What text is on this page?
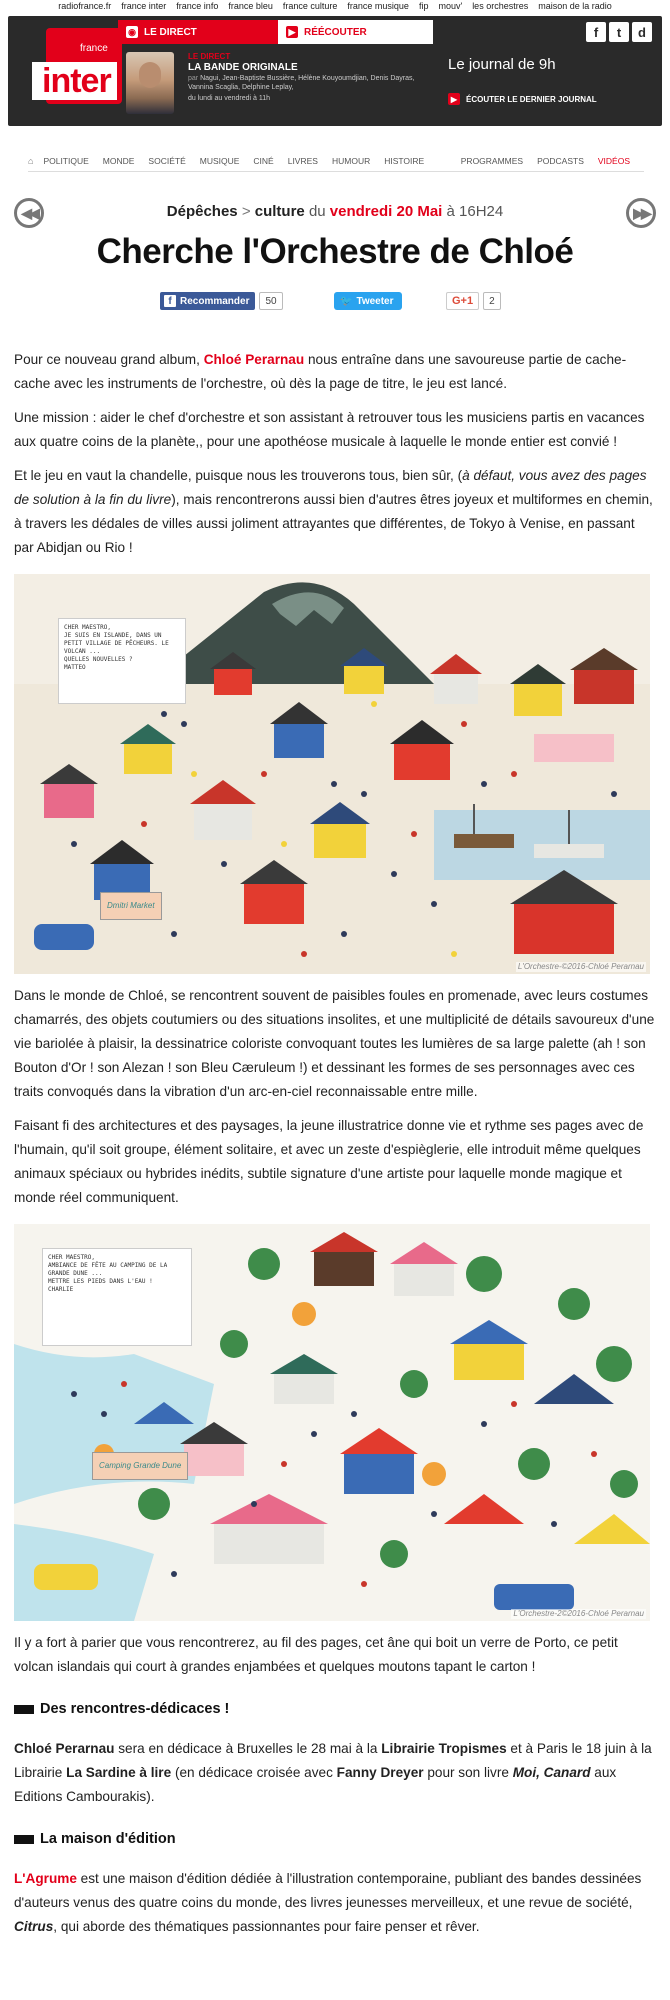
radiofrance.fr france inter france info france bleu france culture france musique fip mouv' les orchestres maison de la radio
france
inter
◉ LE DIRECT	▶ RÉÉCOUTER	f	t	d
LE DIRECT
LA BANDE ORIGINALE
par Nagui, Jean-Baptiste Bussière, Hélène Kouyoumdjian, Denis Dayras, Vannina Scaglia, Delphine Leplay,
du lundi au vendredi à 11h
Le journal de 9h
▶	ÉCOUTER LE DERNIER JOURNAL
⌂ POLITIQUE MONDE SOCIÉTÉ MUSIQUE CINÉ LIVRES HUMOUR HISTOIRE	PROGRAMMES PODCASTS VIDÉOS
◀◀	▶▶
Dépêches > culture du vendredi 20 Mai à 16H24
Cherche l'Orchestre de Chloé
f Recommander	50	🐦 Tweeter	G+1	2

Pour ce nouveau grand album, Chloé Perarnau nous entraîne dans une savoureuse partie de cache-cache avec les instruments de l'orchestre, où dès la page de titre, le jeu est lancé.

Une mission : aider le chef d'orchestre et son assistant à retrouver tous les musiciens partis en vacances aux quatre coins de la planète,, pour une apothéose musicale à laquelle le monde entier est convié !

Et le jeu en vaut la chandelle, puisque nous les trouverons tous, bien sûr, (à défaut, vous avez des pages de solution à la fin du livre), mais rencontrerons aussi bien d'autres êtres joyeux et multiformes en chemin, à travers les dédales de villes aussi joliment attrayantes que différentes, de Tokyo à Venise, en passant par Abidjan ou Rio !

CHER MAESTRO,
JE SUIS EN ISLANDE, DANS UN PETIT VILLAGE DE PÊCHEURS. LE VOLCAN ...
QUELLES NOUVELLES ?
MATTEO
Dmitri Market
L'Orchestre-©2016-Chloé Perarnau

Dans le monde de Chloé, se rencontrent souvent de paisibles foules en promenade, avec leurs costumes chamarrés, des objets coutumiers ou des situations insolites, et une multiplicité de détails savoureux d'une vie bariolée à plaisir, la dessinatrice coloriste convoquant toutes les lumières de sa large palette (ah ! son Bouton d'Or ! son Alezan ! son Bleu Cæruleum !) et dessinant les formes de ses personnages avec ces traits convoqués dans la vibration d'un arc-en-ciel reconnaissable entre mille.

Faisant fi des architectures et des paysages, la jeune illustratrice donne vie et rythme ses pages avec de l'humain, qu'il soit groupe, élément solitaire, et avec un zeste d'espièglerie, elle introduit même quelques animaux spéciaux ou hybrides inédits, subtile signature d'une artiste pour laquelle monde magique et monde réel communiquent.

CHER MAESTRO,
AMBIANCE DE FÊTE AU CAMPING DE LA GRANDE DUNE ...
METTRE LES PIEDS DANS L'EAU !
CHARLIE
Camping Grande Dune
L'Orchestre-2©2016-Chloé Perarnau

Il y a fort à parier que vous rencontrerez, au fil des pages, cet âne qui boit un verre de Porto, ce petit volcan islandais qui court à grandes enjambées et quelques moutons tapant le carton !

Des rencontres-dédicaces !

Chloé Perarnau sera en dédicace à Bruxelles le 28 mai à la Librairie Tropismes et à Paris le 18 juin à la Librairie La Sardine à lire (en dédicace croisée avec Fanny Dreyer pour son livre Moi, Canard aux Editions Cambourakis).

La maison d'édition

L'Agrume est une maison d'édition dédiée à l'illustration contemporaine, publiant des bandes dessinées d'auteurs venus des quatre coins du monde, des livres jeunesses merveilleux, et une revue de société, Citrus, qui aborde des thématiques passionnantes pour faire penser et rêver.
